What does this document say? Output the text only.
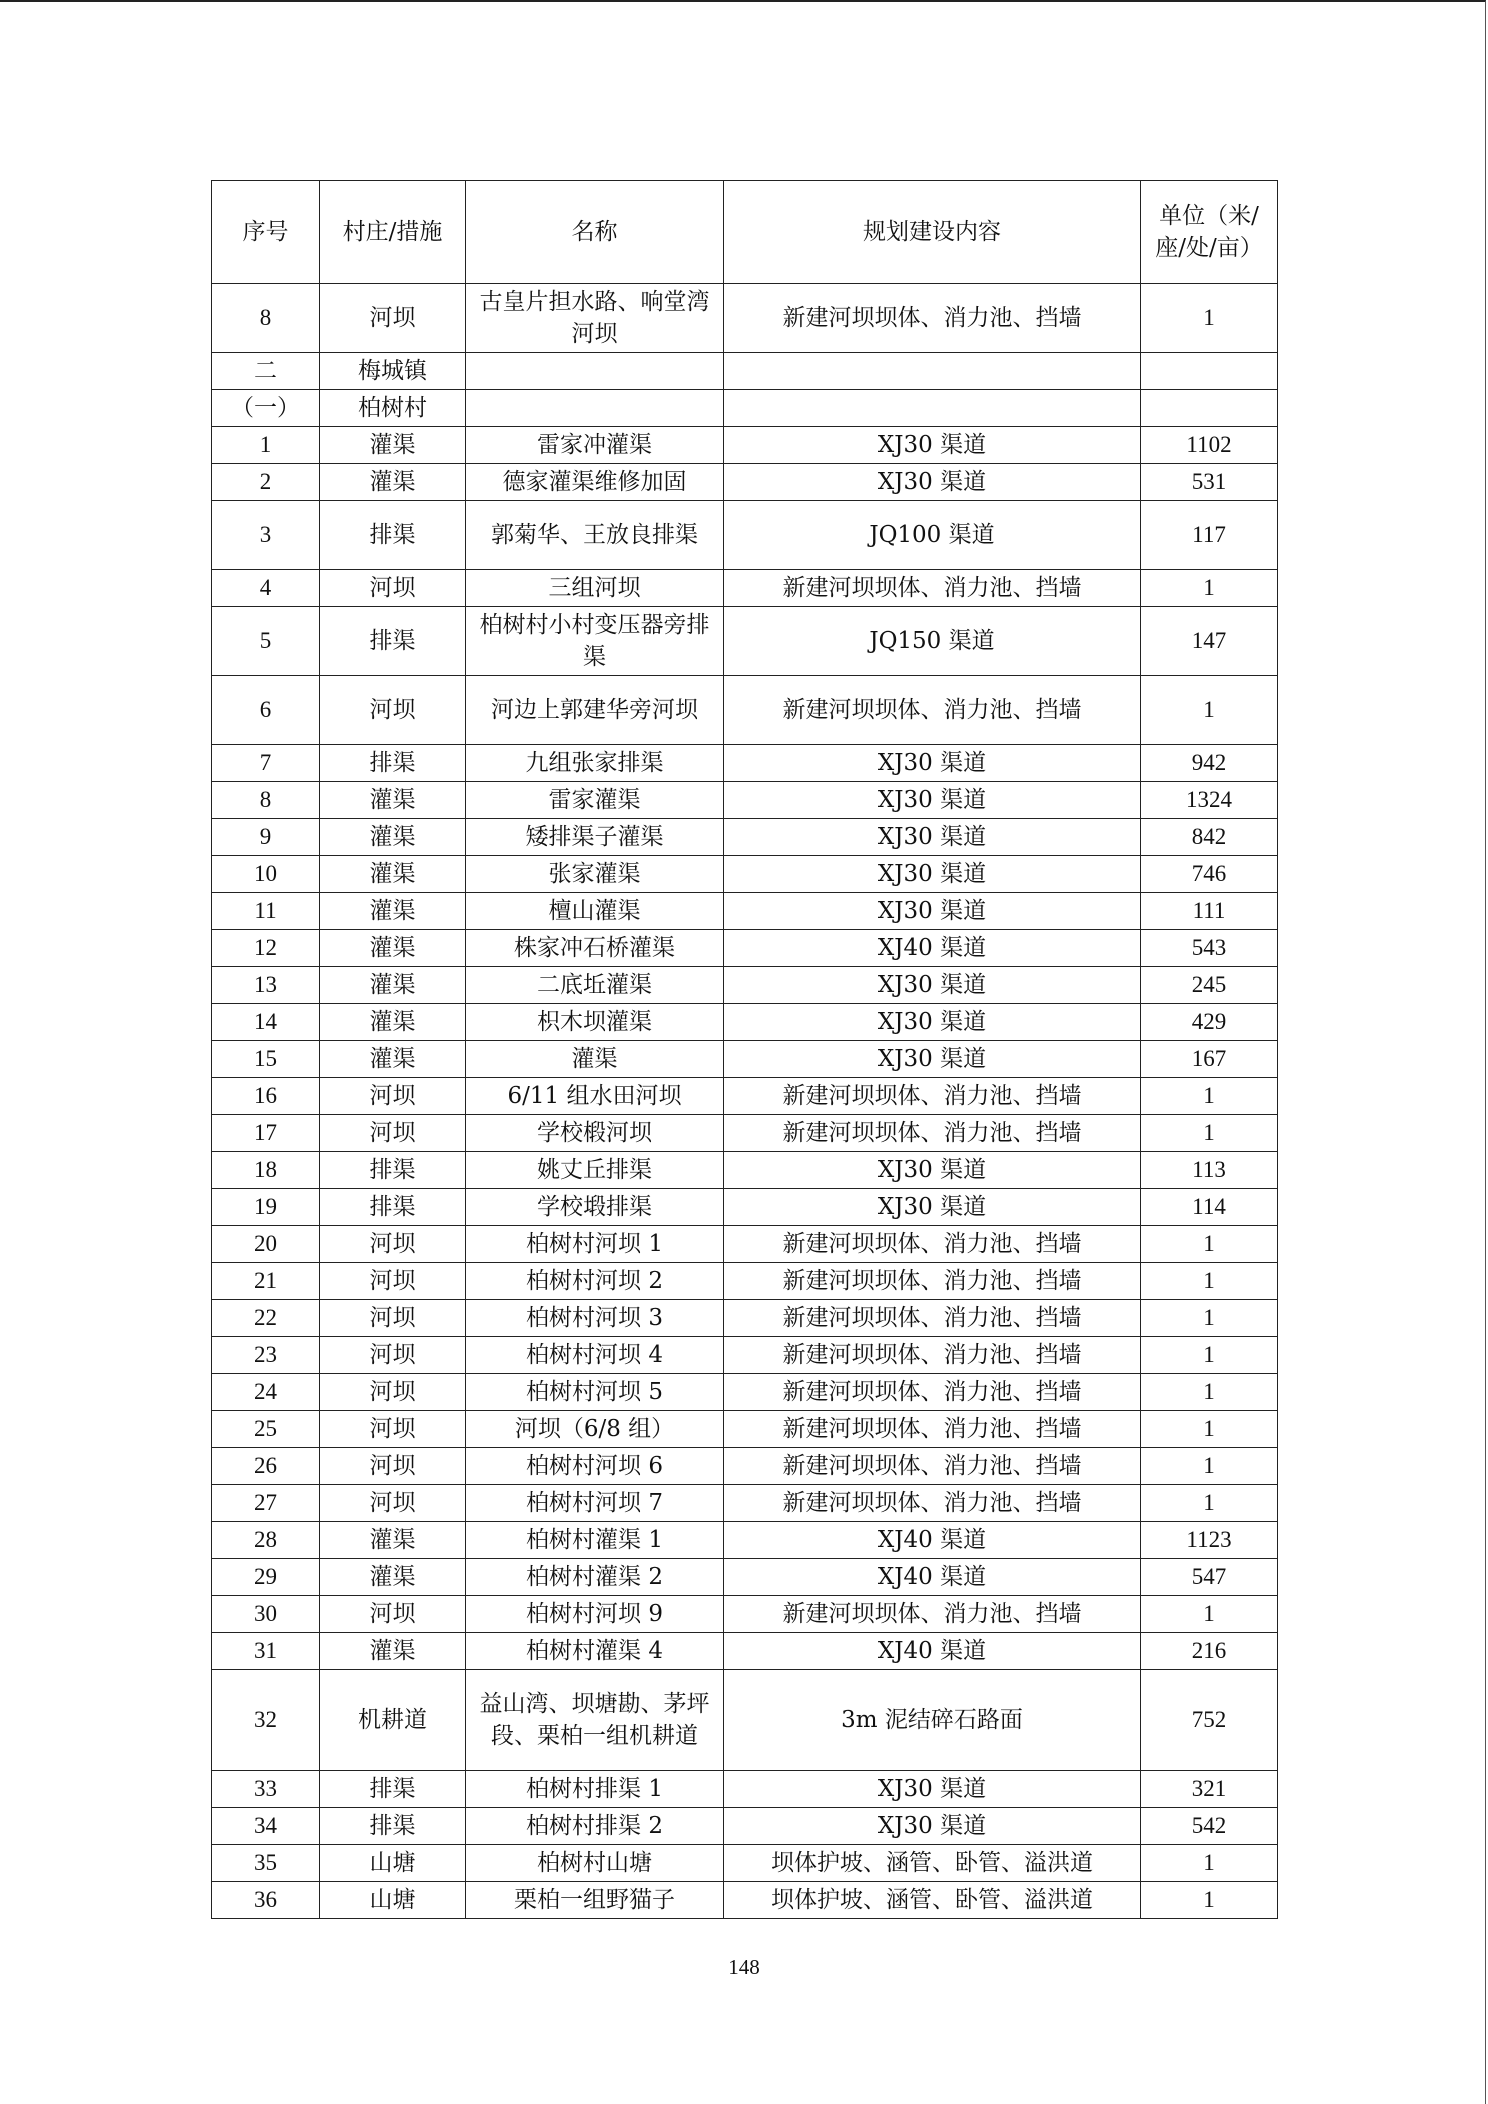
序号	村庄/措施	名称	规划建设内容	单位（米/座/处/亩）
8	河坝	古皇片担水路、响堂湾河坝	新建河坝坝体、消力池、挡墙	1
二	梅城镇			
（一）	柏树村			
1	灌渠	雷家冲灌渠	XJ30 渠道	1102
2	灌渠	德家灌渠维修加固	XJ30 渠道	531
3	排渠	郭菊华、王放良排渠	JQ100 渠道	117
4	河坝	三组河坝	新建河坝坝体、消力池、挡墙	1
5	排渠	柏树村小村变压器旁排渠	JQ150 渠道	147
6	河坝	河边上郭建华旁河坝	新建河坝坝体、消力池、挡墙	1
7	排渠	九组张家排渠	XJ30 渠道	942
8	灌渠	雷家灌渠	XJ30 渠道	1324
9	灌渠	矮排渠子灌渠	XJ30 渠道	842
10	灌渠	张家灌渠	XJ30 渠道	746
11	灌渠	檀山灌渠	XJ30 渠道	111
12	灌渠	株家冲石桥灌渠	XJ40 渠道	543
13	灌渠	二底坵灌渠	XJ30 渠道	245
14	灌渠	枳木坝灌渠	XJ30 渠道	429
15	灌渠	灌渠	XJ30 渠道	167
16	河坝	6/11 组水田河坝	新建河坝坝体、消力池、挡墙	1
17	河坝	学校椴河坝	新建河坝坝体、消力池、挡墙	1
18	排渠	姚丈丘排渠	XJ30 渠道	113
19	排渠	学校塅排渠	XJ30 渠道	114
20	河坝	柏树村河坝 1	新建河坝坝体、消力池、挡墙	1
21	河坝	柏树村河坝 2	新建河坝坝体、消力池、挡墙	1
22	河坝	柏树村河坝 3	新建河坝坝体、消力池、挡墙	1
23	河坝	柏树村河坝 4	新建河坝坝体、消力池、挡墙	1
24	河坝	柏树村河坝 5	新建河坝坝体、消力池、挡墙	1
25	河坝	河坝（6/8 组）	新建河坝坝体、消力池、挡墙	1
26	河坝	柏树村河坝 6	新建河坝坝体、消力池、挡墙	1
27	河坝	柏树村河坝 7	新建河坝坝体、消力池、挡墙	1
28	灌渠	柏树村灌渠 1	XJ40 渠道	1123
29	灌渠	柏树村灌渠 2	XJ40 渠道	547
30	河坝	柏树村河坝 9	新建河坝坝体、消力池、挡墙	1
31	灌渠	柏树村灌渠 4	XJ40 渠道	216
32	机耕道	益山湾、坝塘勘、茅坪段、栗柏一组机耕道	3m 泥结碎石路面	752
33	排渠	柏树村排渠 1	XJ30 渠道	321
34	排渠	柏树村排渠 2	XJ30 渠道	542
35	山塘	柏树村山塘	坝体护坡、涵管、卧管、溢洪道	1
36	山塘	栗柏一组野猫子	坝体护坡、涵管、卧管、溢洪道	1
148
